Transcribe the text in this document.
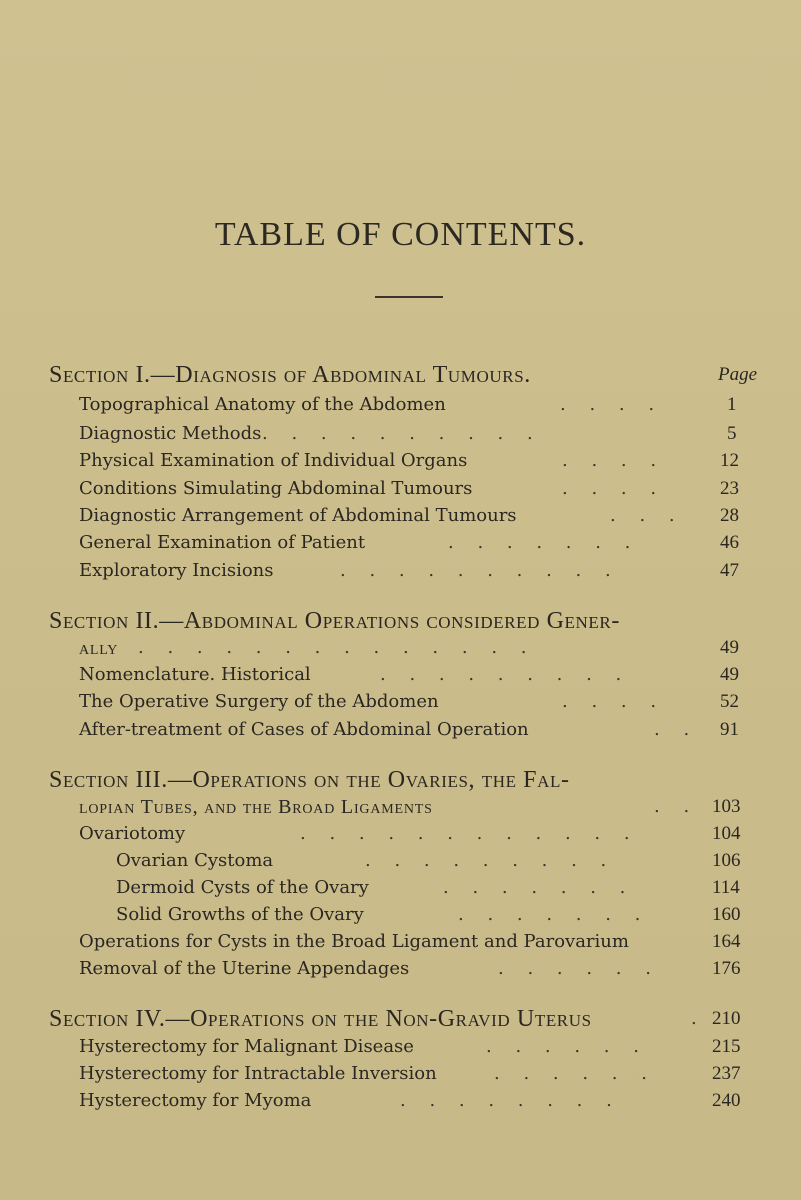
TABLE OF CONTENTS.
Section I.—Diagnosis of Abdominal Tumours.	Page
Topographical Anatomy of the Abdomen	. . . .	1
Diagnostic Methods . . . . . . . . . .	5
Physical Examination of Individual Organs	. . . .	12
Conditions Simulating Abdominal Tumours	. . . .	23
Diagnostic Arrangement of Abdominal Tumours	. . . 28
General Examination of Patient	. . . . . . .	46
Exploratory Incisions	. . . . . . . . . .	47
Section II.—Abdominal Operations considered Gener-
ally . . . . . . . . . . . . . .	49
Nomenclature. Historical	. . . . . . . . .	49
The Operative Surgery of the Abdomen	. . . .	52
After-treatment of Cases of Abdominal Operation	. . 91
Section III.—Operations on the Ovaries, the Fal-
lopian Tubes, and the Broad Ligaments	. . 103
Ovariotomy	. . . . . . . . . . . .	104
Ovarian Cystoma	. . . . . . . . .	106
Dermoid Cysts of the Ovary	. . . . . . .	114
Solid Growths of the Ovary	. . . . . . .	160
Operations for Cysts in the Broad Ligament and Parovarium	164
Removal of the Uterine Appendages	. . . . . .	176
Section IV.—Operations on the Non-Gravid Uterus	. 210
Hysterectomy for Malignant Disease	. . . . . .	215
Hysterectomy for Intractable Inversion	. . . . . .	237
Hysterectomy for Myoma	. . . . . . . .	240
